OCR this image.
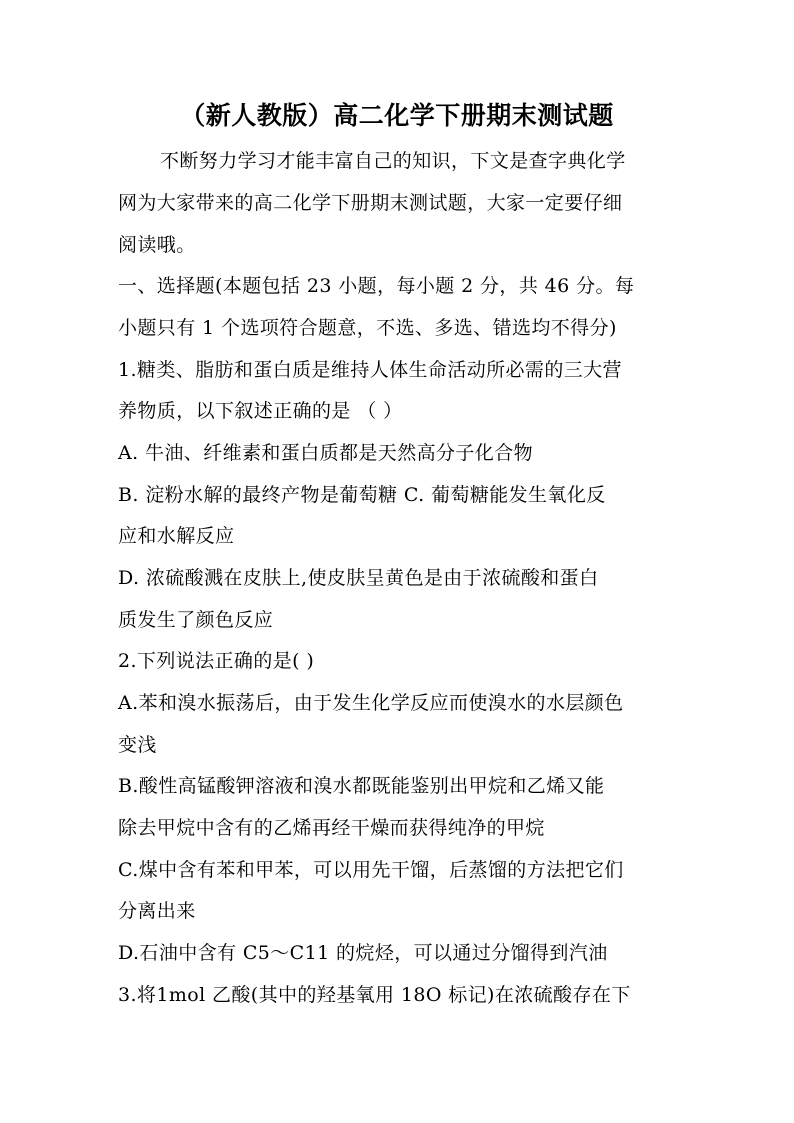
（新人教版）高二化学下册期末测试题
不断努力学习才能丰富自己的知识，下文是查字典化学
网为大家带来的高二化学下册期末测试题，大家一定要仔细
阅读哦。
一、选择题(本题包括 23 小题，每小题 2 分，共 46 分。每
小题只有 1 个选项符合题意，不选、多选、错选均不得分)
1.糖类、脂肪和蛋白质是维持人体生命活动所必需的三大营
养物质，以下叙述正确的是 （ ）
A. 牛油、纤维素和蛋白质都是天然高分子化合物
B. 淀粉水解的最终产物是葡萄糖 C. 葡萄糖能发生氧化反
应和水解反应
D. 浓硫酸溅在皮肤上,使皮肤呈黄色是由于浓硫酸和蛋白
质发生了颜色反应
2.下列说法正确的是( )
A.苯和溴水振荡后，由于发生化学反应而使溴水的水层颜色
变浅
B.酸性高锰酸钾溶液和溴水都既能鉴别出甲烷和乙烯又能
除去甲烷中含有的乙烯再经干燥而获得纯净的甲烷
C.煤中含有苯和甲苯，可以用先干馏，后蒸馏的方法把它们
分离出来
D.石油中含有 C5～C11 的烷烃，可以通过分馏得到汽油
3.将1mol 乙酸(其中的羟基氧用 18O 标记)在浓硫酸存在下
